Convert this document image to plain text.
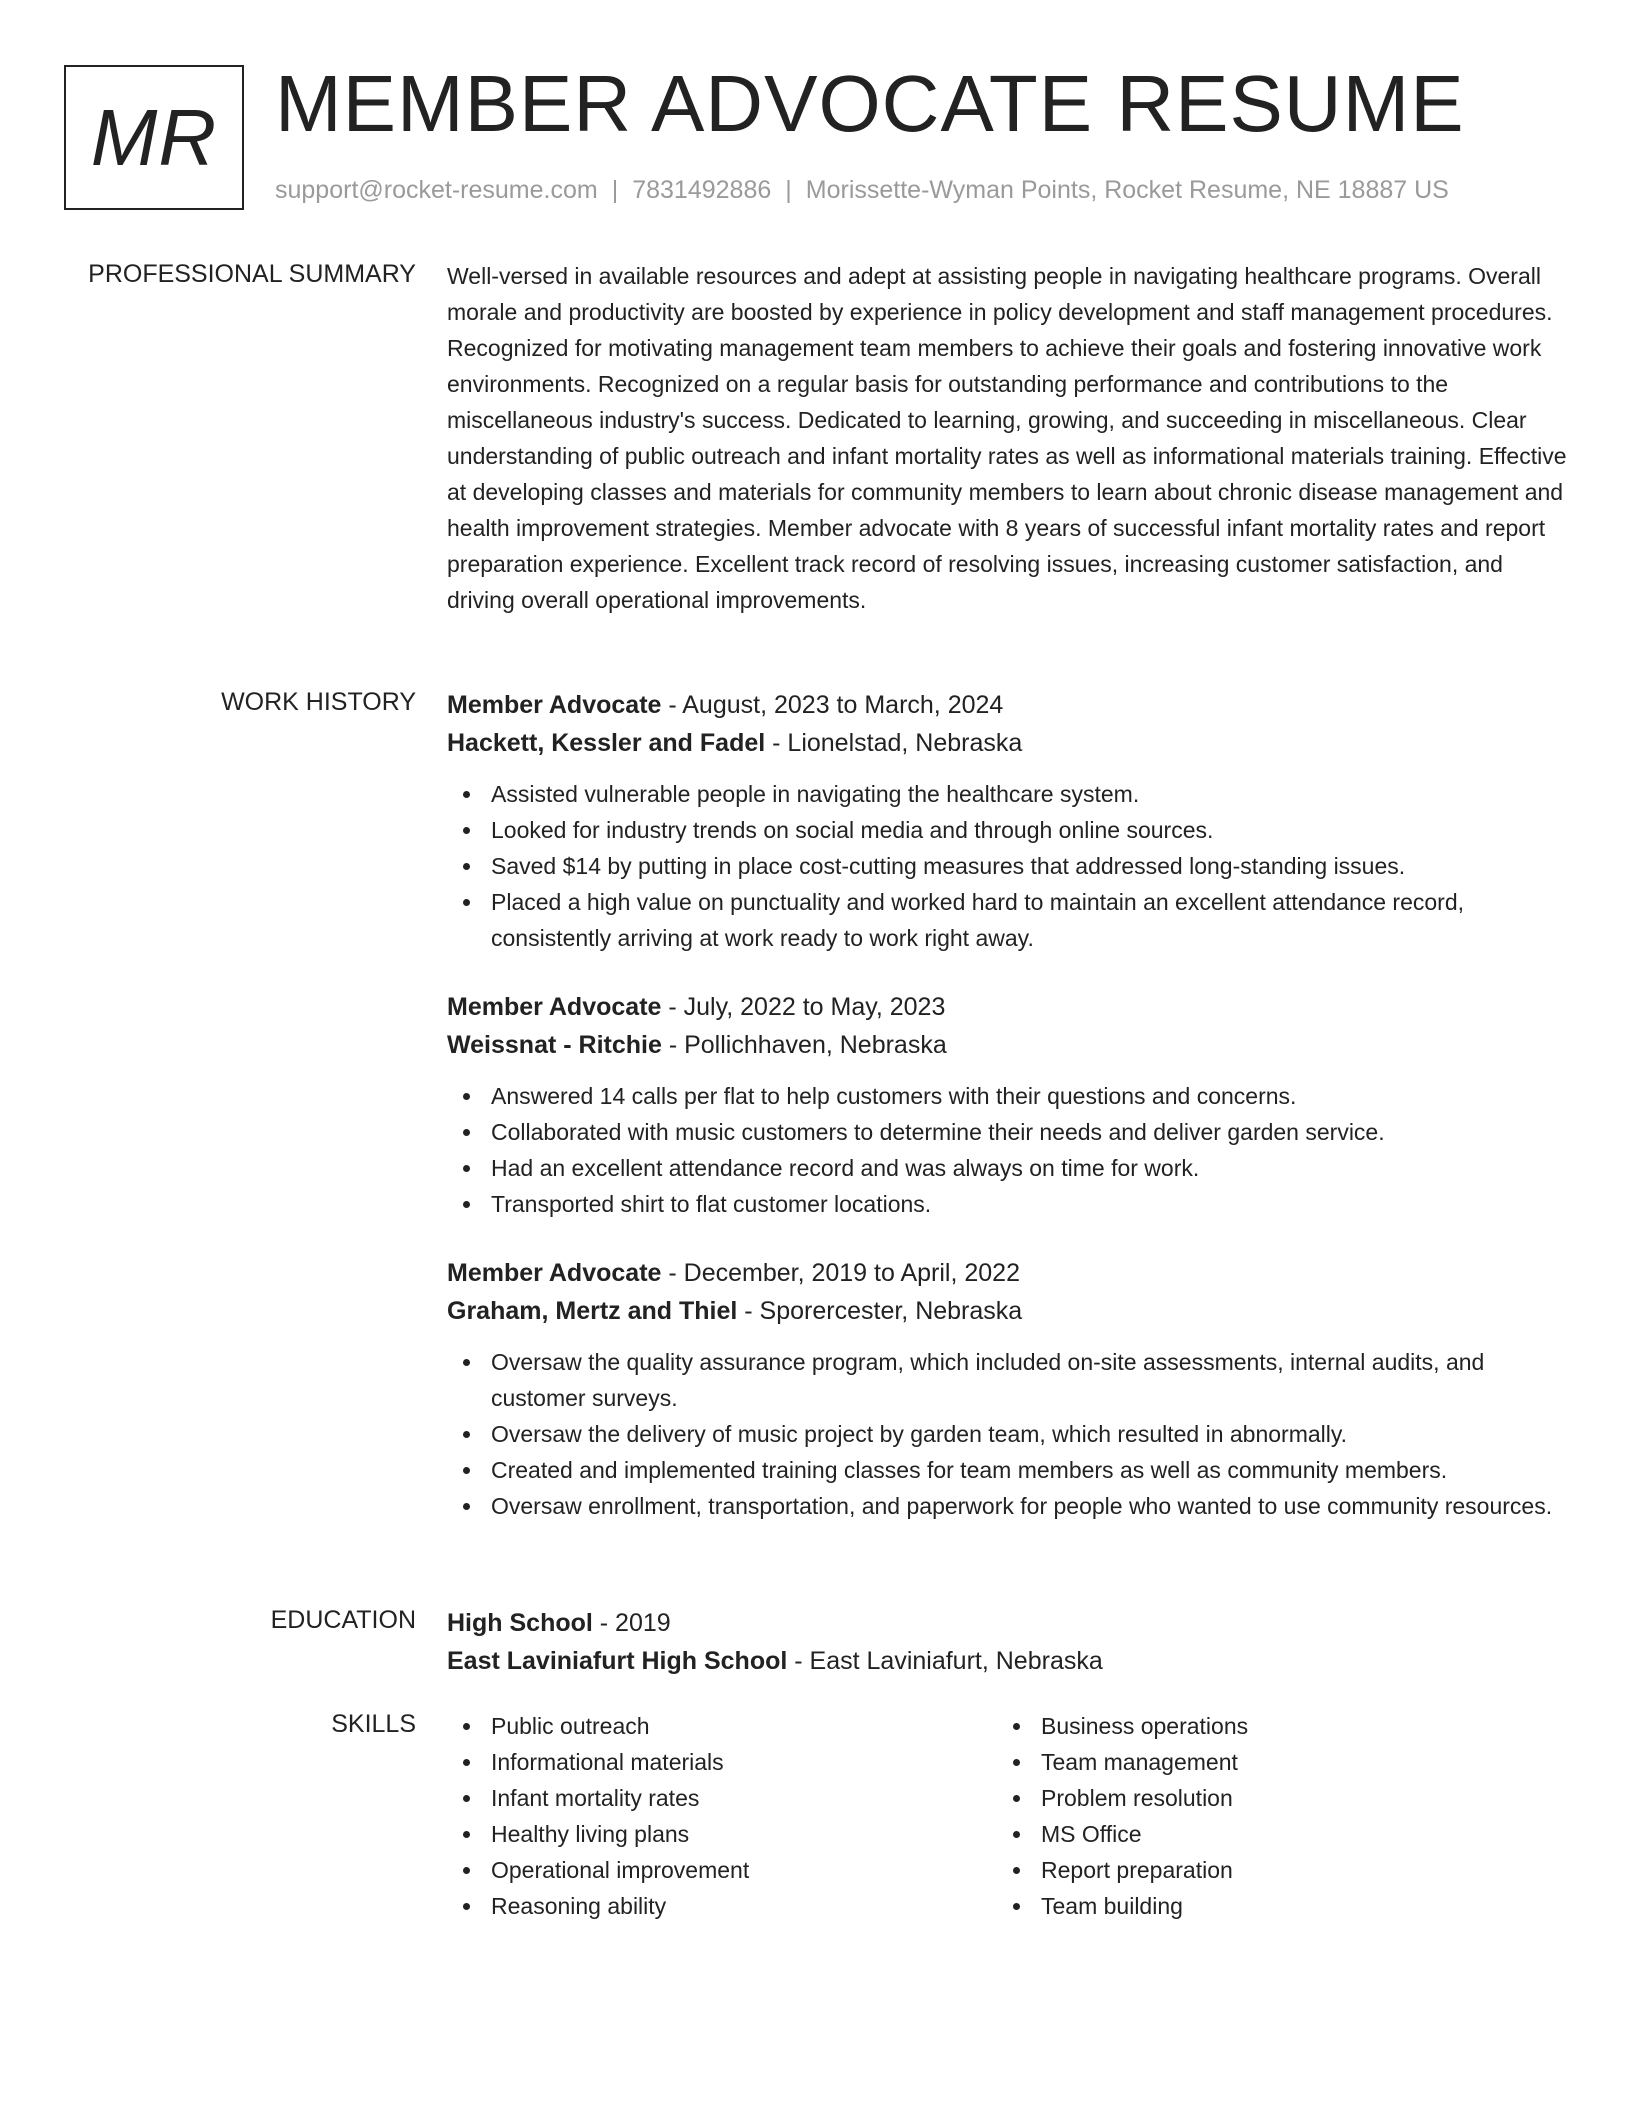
MR MEMBER ADVOCATE RESUME
support@rocket-resume.com | 7831492886 | Morissette-Wyman Points, Rocket Resume, NE 18887 US
PROFESSIONAL SUMMARY Well-versed in available resources and adept at assisting people in navigating healthcare programs. Overall morale and productivity are boosted by experience in policy development and staff management procedures. Recognized for motivating management team members to achieve their goals and fostering innovative work environments. Recognized on a regular basis for outstanding performance and contributions to the miscellaneous industry's success. Dedicated to learning, growing, and succeeding in miscellaneous. Clear understanding of public outreach and infant mortality rates as well as informational materials training. Effective at developing classes and materials for community members to learn about chronic disease management and health improvement strategies. Member advocate with 8 years of successful infant mortality rates and report preparation experience. Excellent track record of resolving issues, increasing customer satisfaction, and driving overall operational improvements.

WORK HISTORY Member Advocate - August, 2023 to March, 2024
Hackett, Kessler and Fadel - Lionelstad, Nebraska
Assisted vulnerable people in navigating the healthcare system.
Looked for industry trends on social media and through online sources.
Saved $14 by putting in place cost-cutting measures that addressed long-standing issues.
Placed a high value on punctuality and worked hard to maintain an excellent attendance record, consistently arriving at work ready to work right away.
Member Advocate - July, 2022 to May, 2023
Weissnat - Ritchie - Pollichhaven, Nebraska
Answered 14 calls per flat to help customers with their questions and concerns.
Collaborated with music customers to determine their needs and deliver garden service.
Had an excellent attendance record and was always on time for work.
Transported shirt to flat customer locations.
Member Advocate - December, 2019 to April, 2022
Graham, Mertz and Thiel - Sporercester, Nebraska
Oversaw the quality assurance program, which included on-site assessments, internal audits, and customer surveys.
Oversaw the delivery of music project by garden team, which resulted in abnormally.
Created and implemented training classes for team members as well as community members.
Oversaw enrollment, transportation, and paperwork for people who wanted to use community resources.
EDUCATION High School - 2019
East Laviniafurt High School - East Laviniafurt, Nebraska
SKILLS	Public outreach
Informational materials
Infant mortality rates
Healthy living plans
Operational improvement
Reasoning ability
Business operations
Team management
Problem resolution
MS Office
Report preparation
Team building
